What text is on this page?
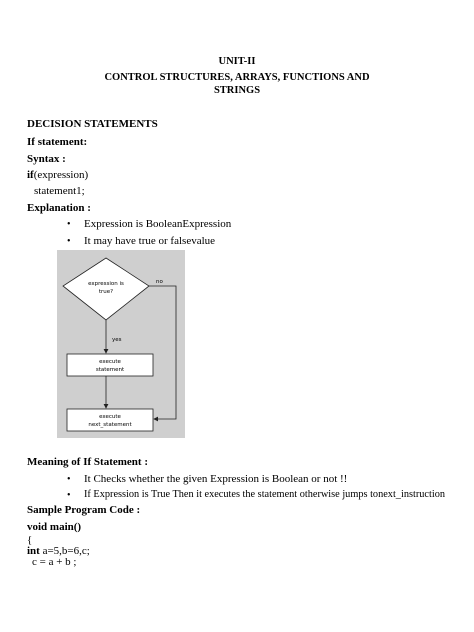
UNIT-II
CONTROL STRUCTURES, ARRAYS, FUNCTIONS AND
STRINGS
DECISION STATEMENTS
If statement:
Syntax :
if(expression)
statement1;
Explanation :
• Expression is BooleanExpression
• It may have true or falsevalue
expression is
true?
yes
execute
statement
no
execute
next_statement
Meaning of If Statement :
• It Checks whether the given Expression is Boolean or not !!
• If Expression is True Then it executes the statement otherwise jumps tonext_instruction
Sample Program Code :
void main()
{
int a=5,b=6,c;
c = a + b ;
